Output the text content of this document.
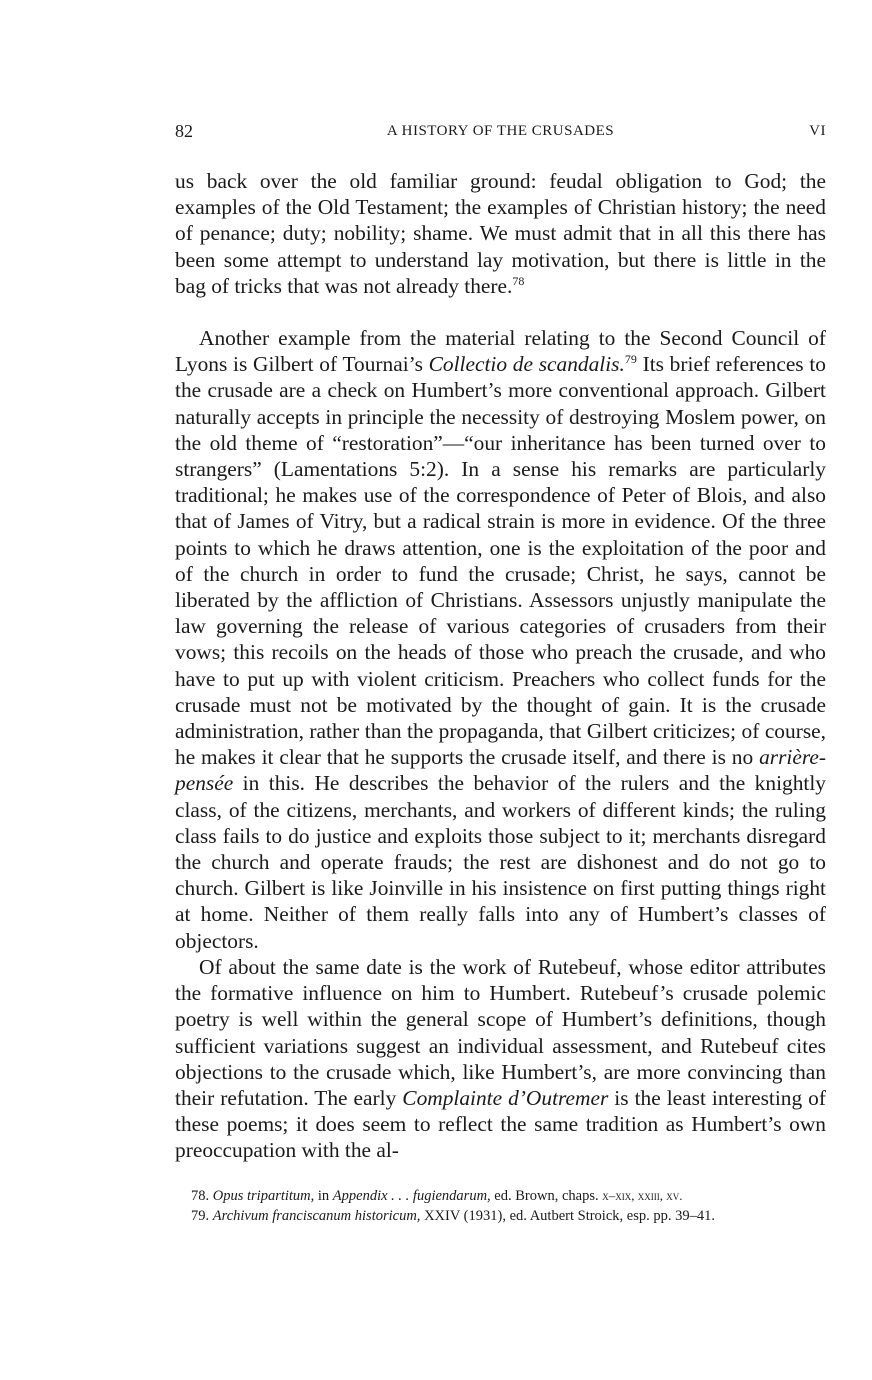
82	A HISTORY OF THE CRUSADES	VI

us back over the old familiar ground: feudal obligation to God; the examples of the Old Testament; the examples of Christian history; the need of penance; duty; nobility; shame. We must admit that in all this there has been some attempt to understand lay motivation, but there is little in the bag of tricks that was not already there.$^{78}$

Another example from the material relating to the Second Council of Lyons is Gilbert of Tournai’s Collectio de scandalis.$^{79}$ Its brief references to the crusade are a check on Humbert’s more conventional approach. Gilbert naturally accepts in principle the necessity of destroying Moslem power, on the old theme of “restoration”—“our inheritance has been turned over to strangers” (Lamentations 5:2). In a sense his remarks are particularly traditional; he makes use of the correspondence of Peter of Blois, and also that of James of Vitry, but a radical strain is more in evidence. Of the three points to which he draws attention, one is the exploitation of the poor and of the church in order to fund the crusade; Christ, he says, cannot be liberated by the affliction of Christians. Assessors unjustly manipulate the law governing the release of various categories of crusaders from their vows; this recoils on the heads of those who preach the crusade, and who have to put up with violent criticism. Preachers who collect funds for the crusade must not be motivated by the thought of gain. It is the crusade administration, rather than the propaganda, that Gilbert criticizes; of course, he makes it clear that he supports the crusade itself, and there is no arrière-pensée in this. He describes the behavior of the rulers and the knightly class, of the citizens, merchants, and workers of different kinds; the ruling class fails to do justice and exploits those subject to it; merchants disregard the church and operate frauds; the rest are dishonest and do not go to church. Gilbert is like Joinville in his insistence on first putting things right at home. Neither of them really falls into any of Humbert’s classes of objectors.

Of about the same date is the work of Rutebeuf, whose editor attributes the formative influence on him to Humbert. Rutebeuf’s crusade polemic poetry is well within the general scope of Humbert’s definitions, though sufficient variations suggest an individual assessment, and Rutebeuf cites objections to the crusade which, like Humbert’s, are more convincing than their refutation. The early Complainte d’Outremer is the least interesting of these poems; it does seem to reflect the same tradition as Humbert’s own preoccupation with the al-

78. Opus tripartitum, in Appendix . . . fugiendarum, ed. Brown, chaps. x–xix, xxiii, xv.
79. Archivum franciscanum historicum, XXIV (1931), ed. Autbert Stroick, esp. pp. 39–41.
